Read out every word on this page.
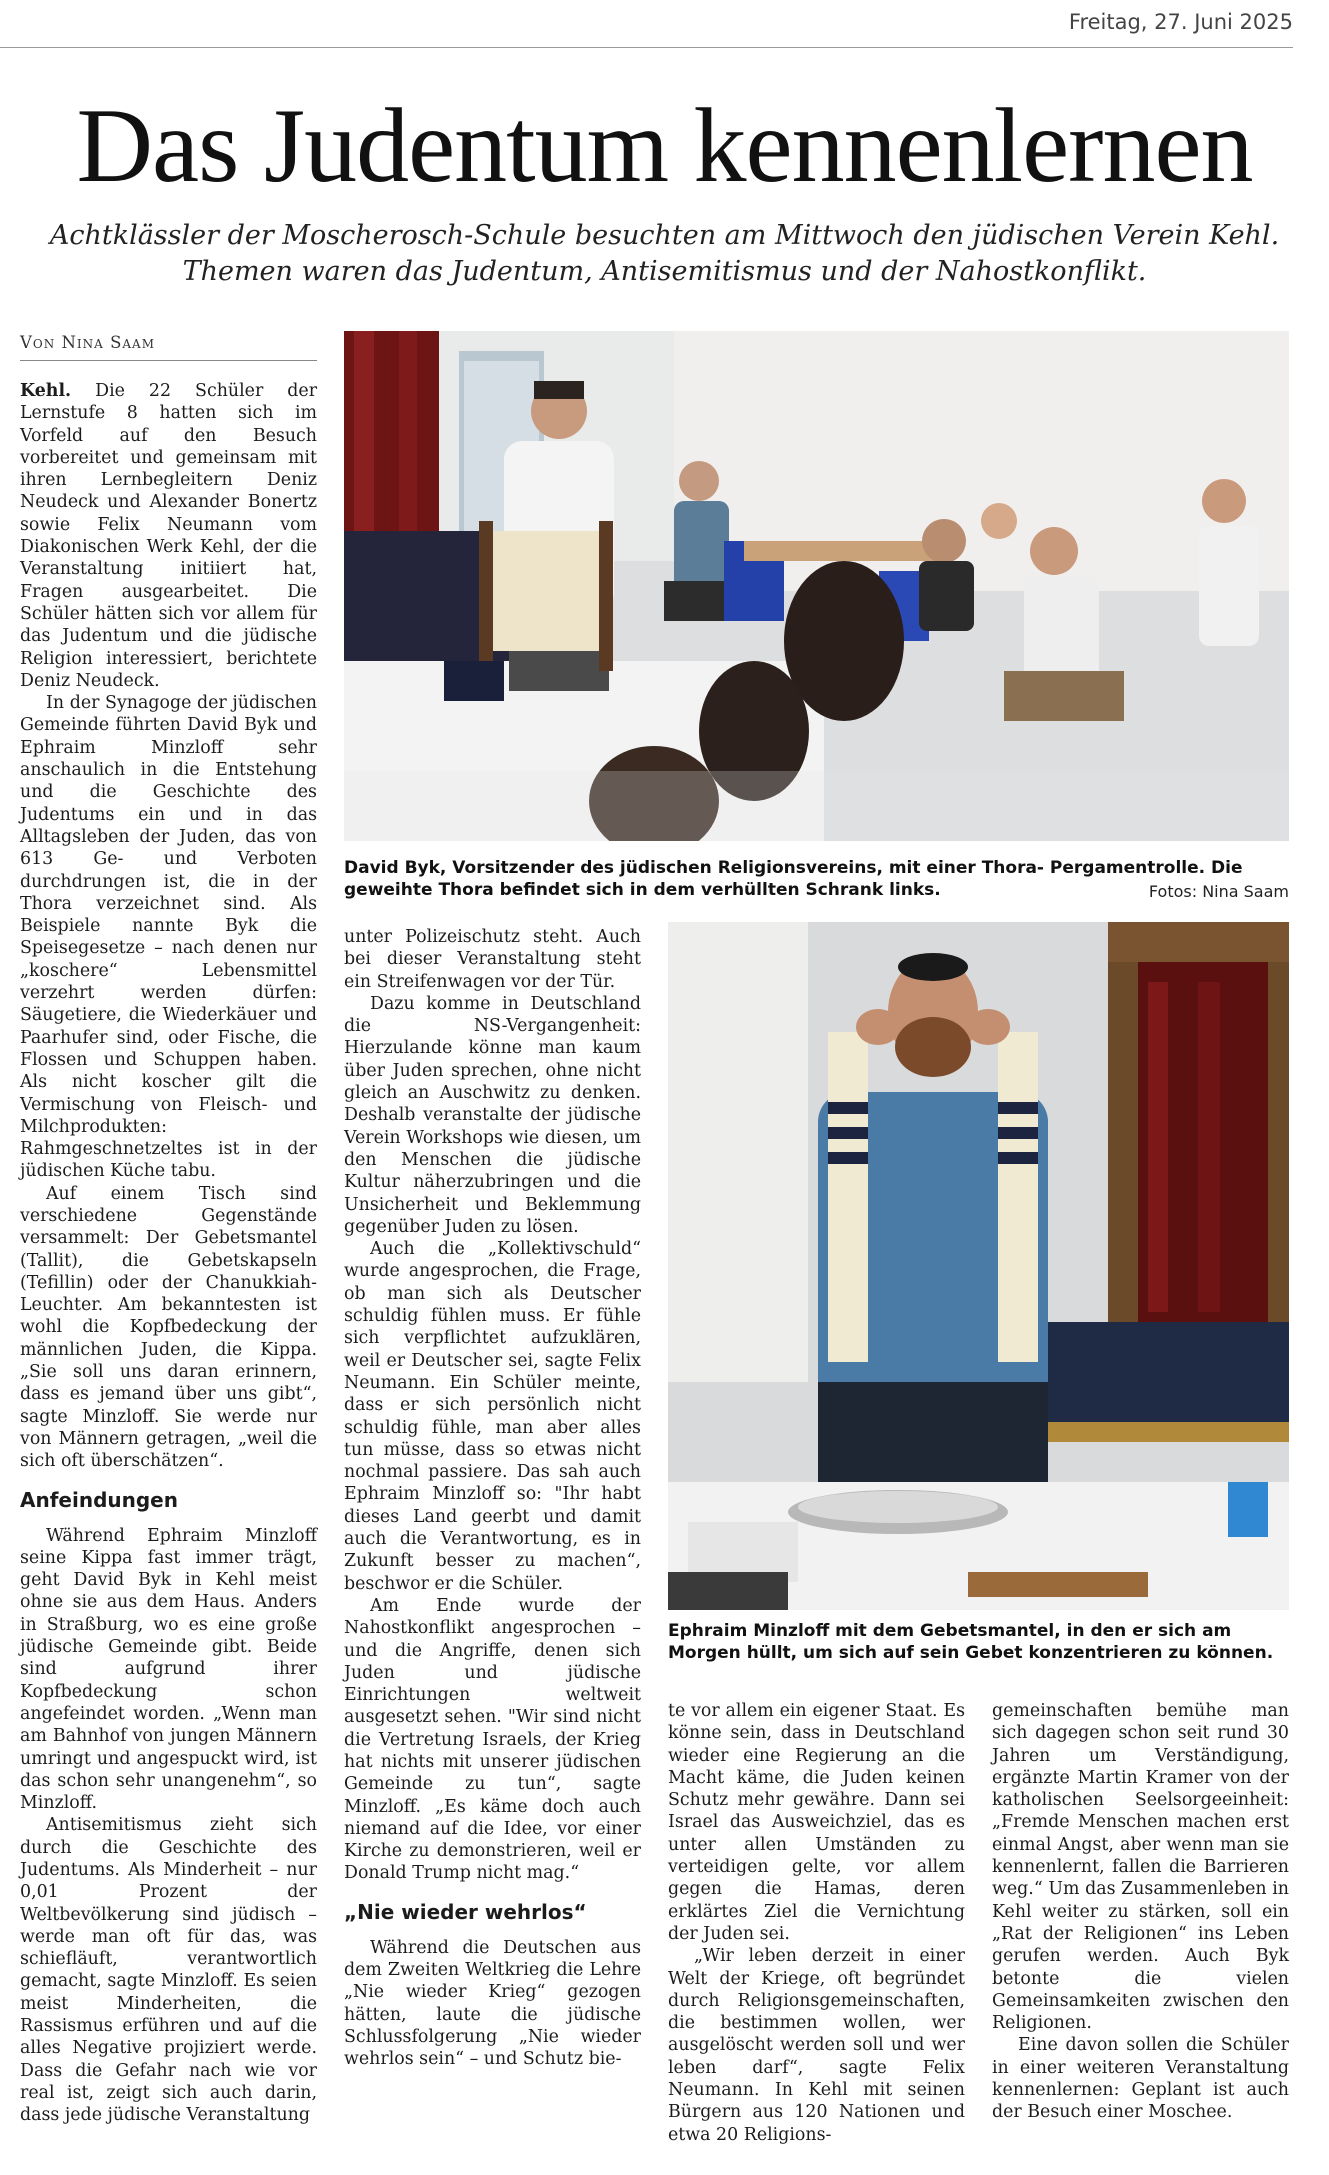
Freitag, 27. Juni 2025
Das Judentum kennenlernen
Achtklässler der Moscherosch-Schule besuchten am Mittwoch den jüdischen Verein Kehl.
Themen waren das Judentum, Antisemitismus und der Nahostkonflikt.
Von Nina Saam

Kehl. Die 22 Schüler der Lernstufe 8 hatten sich im Vorfeld auf den Besuch vorbereitet und gemeinsam mit ihren Lernbegleitern Deniz Neudeck und Alexander Bonertz sowie Felix Neumann vom Diakonischen Werk Kehl, der die Veranstaltung initiiert hat, Fragen ausgearbeitet. Die Schüler hätten sich vor allem für das Judentum und die jüdische Religion interessiert, berichtete Deniz Neudeck.

In der Synagoge der jüdischen Gemeinde führten David Byk und Ephraim Minzloff sehr anschaulich in die Entstehung und die Geschichte des Judentums ein und in das Alltagsleben der Juden, das von 613 Ge- und Verboten durchdrungen ist, die in der Thora verzeichnet sind. Als Beispiele nannte Byk die Speisegesetze – nach denen nur „koschere“ Lebensmittel verzehrt werden dürfen: Säugetiere, die Wiederkäuer und Paarhufer sind, oder Fische, die Flossen und Schuppen haben. Als nicht koscher gilt die Vermischung von Fleisch- und Milchprodukten: Rahmgeschnetzeltes ist in der jüdischen Küche tabu.

Auf einem Tisch sind verschiedene Gegenstände versammelt: Der Gebetsmantel (Tallit), die Gebetskapseln (Tefillin) oder der Chanukkiah-Leuchter. Am bekanntesten ist wohl die Kopfbedeckung der männlichen Juden, die Kippa. „Sie soll uns daran erinnern, dass es jemand über uns gibt“, sagte Minzloff. Sie werde nur von Männern getragen, „weil die sich oft überschätzen“.

Anfeindungen

Während Ephraim Minzloff seine Kippa fast immer trägt, geht David Byk in Kehl meist ohne sie aus dem Haus. Anders in Straßburg, wo es eine große jüdische Gemeinde gibt. Beide sind aufgrund ihrer Kopfbedeckung schon angefeindet worden. „Wenn man am Bahnhof von jungen Männern umringt und angespuckt wird, ist das schon sehr unangenehm“, so Minzloff.

Antisemitismus zieht sich durch die Geschichte des Judentums. Als Minderheit – nur 0,01 Prozent der Weltbevölkerung sind jüdisch – werde man oft für das, was schiefläuft, verantwortlich gemacht, sagte Minzloff. Es seien meist Minderheiten, die Rassismus erführen und auf die alles Negative projiziert werde. Dass die Gefahr nach wie vor real ist, zeigt sich auch darin, dass jede jüdische Veranstaltung

David Byk, Vorsitzender des jüdischen Religionsvereins, mit einer Thora- Pergamentrolle. Die geweihte Thora befindet sich in dem verhüllten Schrank links.	Fotos: Nina Saam

unter Polizeischutz steht. Auch bei dieser Veranstaltung steht ein Streifenwagen vor der Tür.

Dazu komme in Deutschland die NS-Vergangenheit: Hierzulande könne man kaum über Juden sprechen, ohne nicht gleich an Auschwitz zu denken. Deshalb veranstalte der jüdische Verein Workshops wie diesen, um den Menschen die jüdische Kultur näherzubringen und die Unsicherheit und Beklemmung gegenüber Juden zu lösen.

Auch die „Kollektivschuld“ wurde angesprochen, die Frage, ob man sich als Deutscher schuldig fühlen muss. Er fühle sich verpflichtet aufzuklären, weil er Deutscher sei, sagte Felix Neumann. Ein Schüler meinte, dass er sich persönlich nicht schuldig fühle, man aber alles tun müsse, dass so etwas nicht nochmal passiere. Das sah auch Ephraim Minzloff so: "Ihr habt dieses Land geerbt und damit auch die Verantwortung, es in Zukunft besser zu machen“, beschwor er die Schüler.

Am Ende wurde der Nahostkonflikt angesprochen – und die Angriffe, denen sich Juden und jüdische Einrichtungen weltweit ausgesetzt sehen. "Wir sind nicht die Vertretung Israels, der Krieg hat nichts mit unserer jüdischen Gemeinde zu tun“, sagte Minzloff. „Es käme doch auch niemand auf die Idee, vor einer Kirche zu demonstrieren, weil er Donald Trump nicht mag.“

„Nie wieder wehrlos“

Während die Deutschen aus dem Zweiten Weltkrieg die Lehre „Nie wieder Krieg“ gezogen hätten, laute die jüdische Schlussfolgerung „Nie wieder wehrlos sein“ – und Schutz bie-

Ephraim Minzloff mit dem Gebetsmantel, in den er sich am Morgen hüllt, um sich auf sein Gebet konzentrieren zu können.

te vor allem ein eigener Staat. Es könne sein, dass in Deutschland wieder eine Regierung an die Macht käme, die Juden keinen Schutz mehr gewähre. Dann sei Israel das Ausweichziel, das es unter allen Umständen zu verteidigen gelte, vor allem gegen die Hamas, deren erklärtes Ziel die Vernichtung der Juden sei.

„Wir leben derzeit in einer Welt der Kriege, oft begründet durch Religionsgemeinschaften, die bestimmen wollen, wer ausgelöscht werden soll und wer leben darf“, sagte Felix Neumann. In Kehl mit seinen Bürgern aus 120 Nationen und etwa 20 Religions-

gemeinschaften bemühe man sich dagegen schon seit rund 30 Jahren um Verständigung, ergänzte Martin Kramer von der katholischen Seelsorgeeinheit: „Fremde Menschen machen erst einmal Angst, aber wenn man sie kennenlernt, fallen die Barrieren weg.“ Um das Zusammenleben in Kehl weiter zu stärken, soll ein „Rat der Religionen“ ins Leben gerufen werden. Auch Byk betonte die vielen Gemeinsamkeiten zwischen den Religionen.

Eine davon sollen die Schüler in einer weiteren Veranstaltung kennenlernen: Geplant ist auch der Besuch einer Moschee.
